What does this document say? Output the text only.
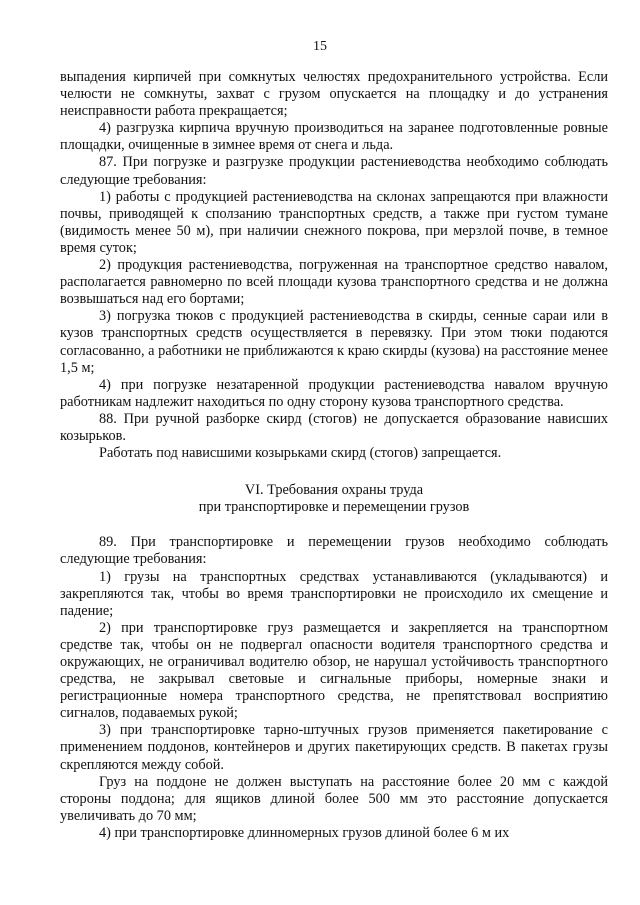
15

выпадения кирпичей при сомкнутых челюстях предохранительного устройства. Если челюсти не сомкнуты, захват с грузом опускается на площадку и до устранения неисправности работа прекращается;

4) разгрузка кирпича вручную производиться на заранее подготовленные ровные площадки, очищенные в зимнее время от снега и льда.

87. При погрузке и разгрузке продукции растениеводства необходимо соблюдать следующие требования:

1) работы с продукцией растениеводства на склонах запрещаются при влажности почвы, приводящей к сползанию транспортных средств, а также при густом тумане (видимость менее 50 м), при наличии снежного покрова, при мерзлой почве, в темное время суток;

2) продукция растениеводства, погруженная на транспортное средство навалом, располагается равномерно по всей площади кузова транспортного средства и не должна возвышаться над его бортами;

3) погрузка тюков с продукцией растениеводства в скирды, сенные сараи или в кузов транспортных средств осуществляется в перевязку. При этом тюки подаются согласованно, а работники не приближаются к краю скирды (кузова) на расстояние менее 1,5 м;

4) при погрузке незатаренной продукции растениеводства навалом вручную работникам надлежит находиться по одну сторону кузова транспортного средства.

88. При ручной разборке скирд (стогов) не допускается образование нависших козырьков.

Работать под нависшими козырьками скирд (стогов) запрещается.

VI. Требования охраны труда

при транспортировке и перемещении грузов

89. При транспортировке и перемещении грузов необходимо соблюдать следующие требования:

1) грузы на транспортных средствах устанавливаются (укладываются) и закрепляются так, чтобы во время транспортировки не происходило их смещение и падение;

2) при транспортировке груз размещается и закрепляется на транспортном средстве так, чтобы он не подвергал опасности водителя транспортного средства и окружающих, не ограничивал водителю обзор, не нарушал устойчивость транспортного средства, не закрывал световые и сигнальные приборы, номерные знаки и регистрационные номера транспортного средства, не препятствовал восприятию сигналов, подаваемых рукой;

3) при транспортировке тарно-штучных грузов применяется пакетирование с применением поддонов, контейнеров и других пакетирующих средств. В пакетах грузы скрепляются между собой.

Груз на поддоне не должен выступать на расстояние более 20 мм с каждой стороны поддона; для ящиков длиной более 500 мм это расстояние допускается увеличивать до 70 мм;

4) при транспортировке длинномерных грузов длиной более 6 м их
